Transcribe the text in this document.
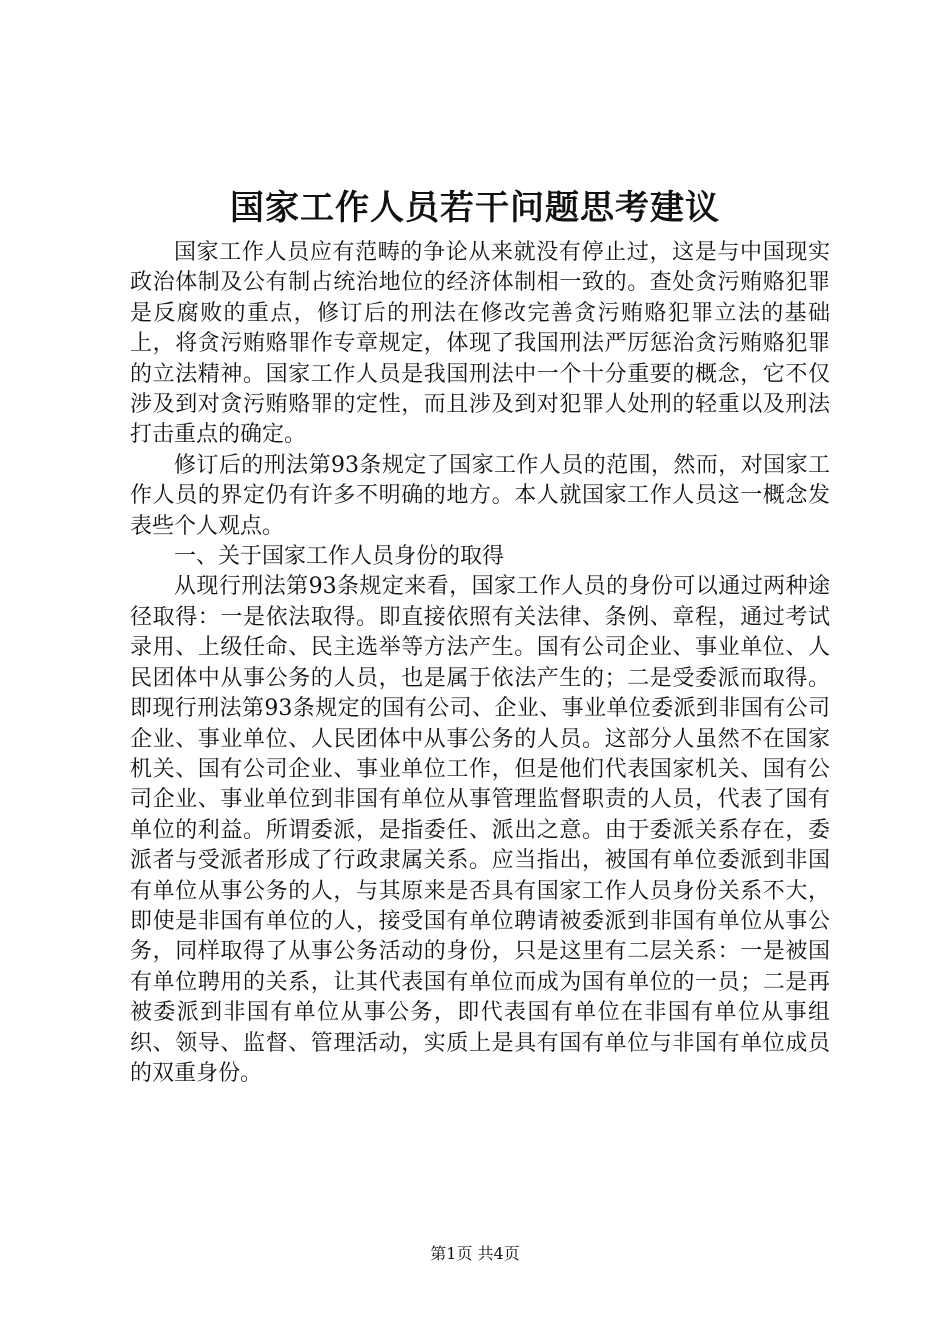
国家工作人员若干问题思考建议

国家工作人员应有范畴的争论从来就没有停止过，这是与中国现实政治体制及公有制占统治地位的经济体制相一致的。查处贪污贿赂犯罪是反腐败的重点，修订后的刑法在修改完善贪污贿赂犯罪立法的基础上，将贪污贿赂罪作专章规定，体现了我国刑法严厉惩治贪污贿赂犯罪的立法精神。国家工作人员是我国刑法中一个十分重要的概念，它不仅涉及到对贪污贿赂罪的定性，而且涉及到对犯罪人处刑的轻重以及刑法打击重点的确定。

修订后的刑法第93条规定了国家工作人员的范围，然而，对国家工作人员的界定仍有许多不明确的地方。本人就国家工作人员这一概念发表些个人观点。

一、关于国家工作人员身份的取得

从现行刑法第93条规定来看，国家工作人员的身份可以通过两种途径取得：一是依法取得。即直接依照有关法律、条例、章程，通过考试录用、上级任命、民主选举等方法产生。国有公司企业、事业单位、人民团体中从事公务的人员，也是属于依法产生的；二是受委派而取得。即现行刑法第93条规定的国有公司、企业、事业单位委派到非国有公司企业、事业单位、人民团体中从事公务的人员。这部分人虽然不在国家机关、国有公司企业、事业单位工作，但是他们代表国家机关、国有公司企业、事业单位到非国有单位从事管理监督职责的人员，代表了国有单位的利益。所谓委派，是指委任、派出之意。由于委派关系存在，委派者与受派者形成了行政隶属关系。应当指出，被国有单位委派到非国有单位从事公务的人，与其原来是否具有国家工作人员身份关系不大，即使是非国有单位的人，接受国有单位聘请被委派到非国有单位从事公务，同样取得了从事公务活动的身份，只是这里有二层关系：一是被国有单位聘用的关系，让其代表国有单位而成为国有单位的一员；二是再被委派到非国有单位从事公务，即代表国有单位在非国有单位从事组织、领导、监督、管理活动，实质上是具有国有单位与非国有单位成员的双重身份。

第1页 共4页
